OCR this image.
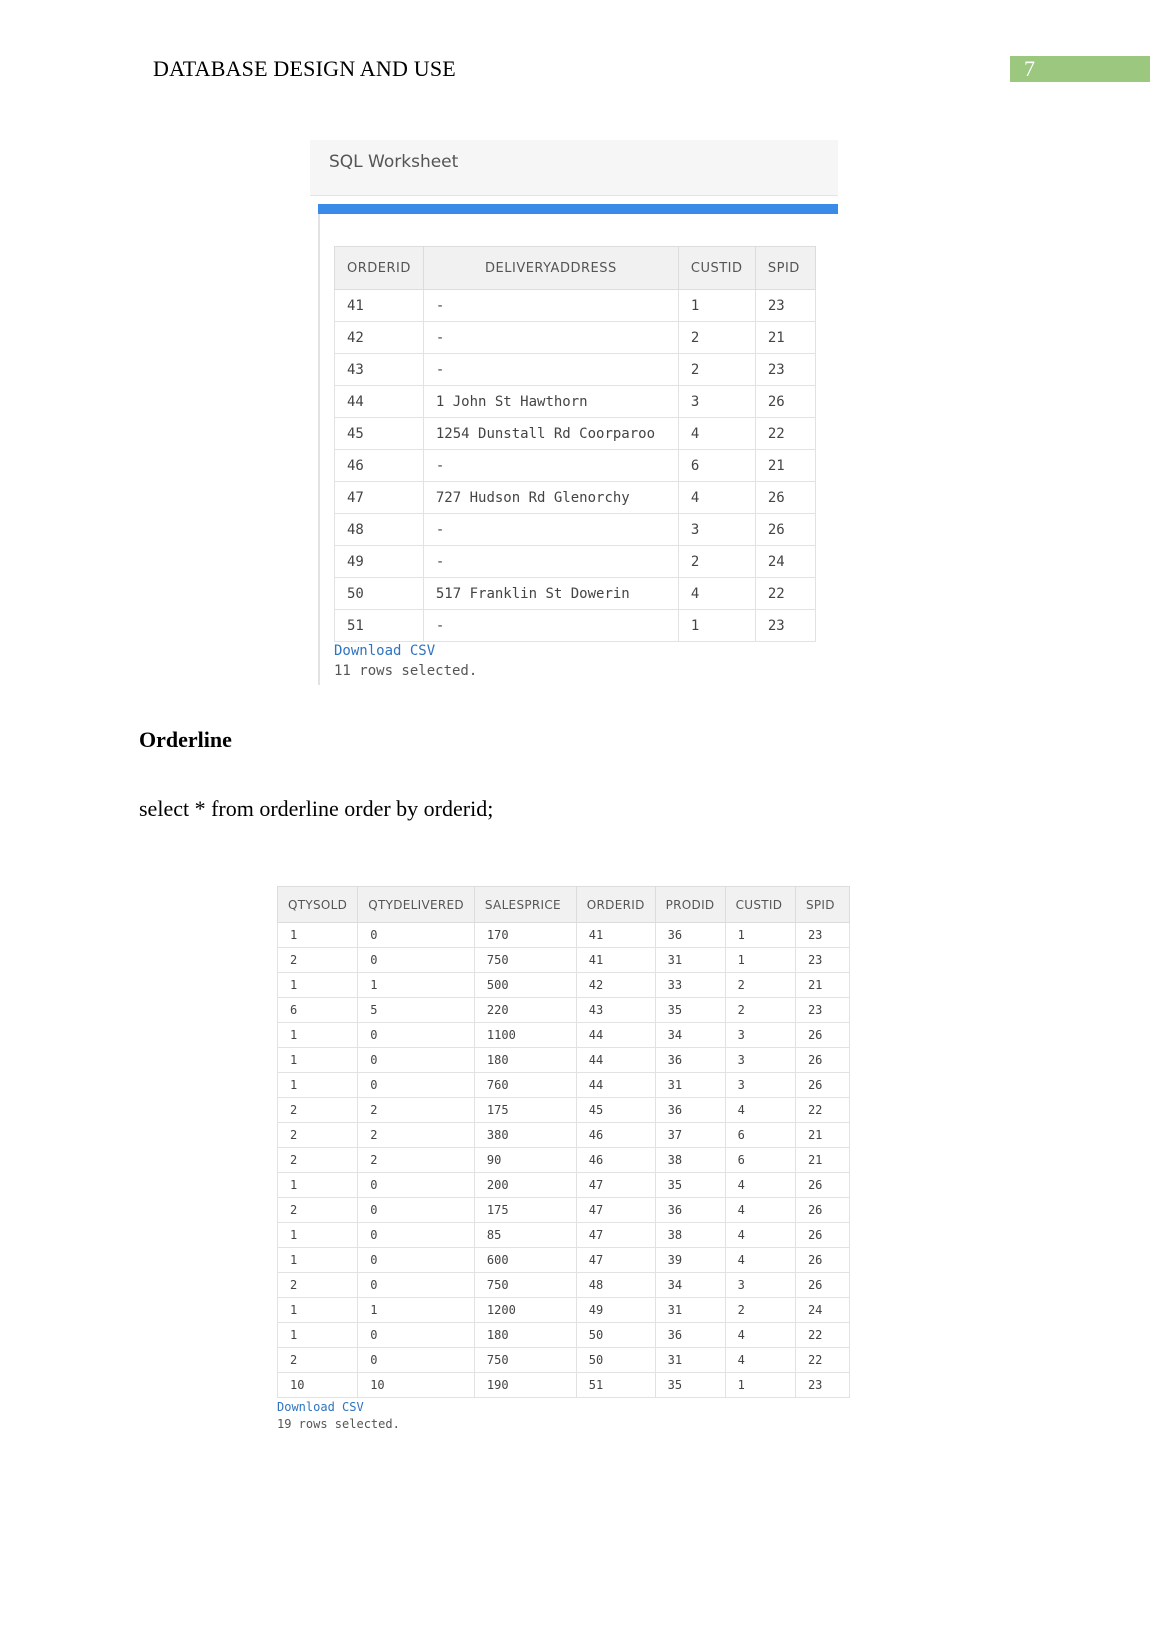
DATABASE DESIGN AND USE	7
SQL Worksheet
ORDERID	DELIVERYADDRESS	CUSTID	SPID
41	-	1	23
42	-	2	21
43	-	2	23
44	1 John St Hawthorn	3	26
45	1254 Dunstall Rd Coorparoo	4	22
46	-	6	21
47	727 Hudson Rd Glenorchy	4	26
48	-	3	26
49	-	2	24
50	517 Franklin St Dowerin	4	22
51	-	1	23
Download CSV
11 rows selected.
Orderline
select * from orderline order by orderid;
QTYSOLD	QTYDELIVERED	SALESPRICE	ORDERID	PRODID	CUSTID	SPID
1	0	170	41	36	1	23
2	0	750	41	31	1	23
1	1	500	42	33	2	21
6	5	220	43	35	2	23
1	0	1100	44	34	3	26
1	0	180	44	36	3	26
1	0	760	44	31	3	26
2	2	175	45	36	4	22
2	2	380	46	37	6	21
2	2	90	46	38	6	21
1	0	200	47	35	4	26
2	0	175	47	36	4	26
1	0	85	47	38	4	26
1	0	600	47	39	4	26
2	0	750	48	34	3	26
1	1	1200	49	31	2	24
1	0	180	50	36	4	22
2	0	750	50	31	4	22
10	10	190	51	35	1	23
Download CSV
19 rows selected.
